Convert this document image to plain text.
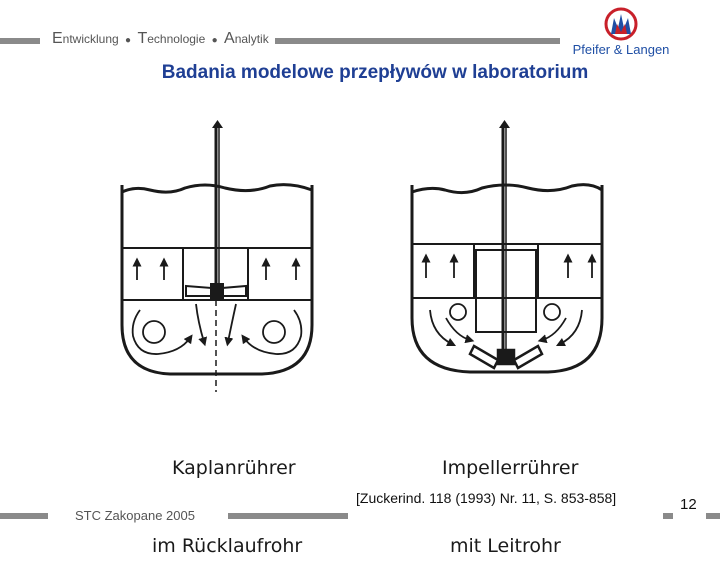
Entwicklung ● Technologie ● Analytik
Pfeifer & Langen
Badania modelowe przepływów w laboratorium

Kaplanrührer

im Rücklaufrohr

Impellerrührer

mit Leitrohr

STC Zakopane 2005
[Zuckerind. 118 (1993) Nr. 11, S. 853-858]	12
